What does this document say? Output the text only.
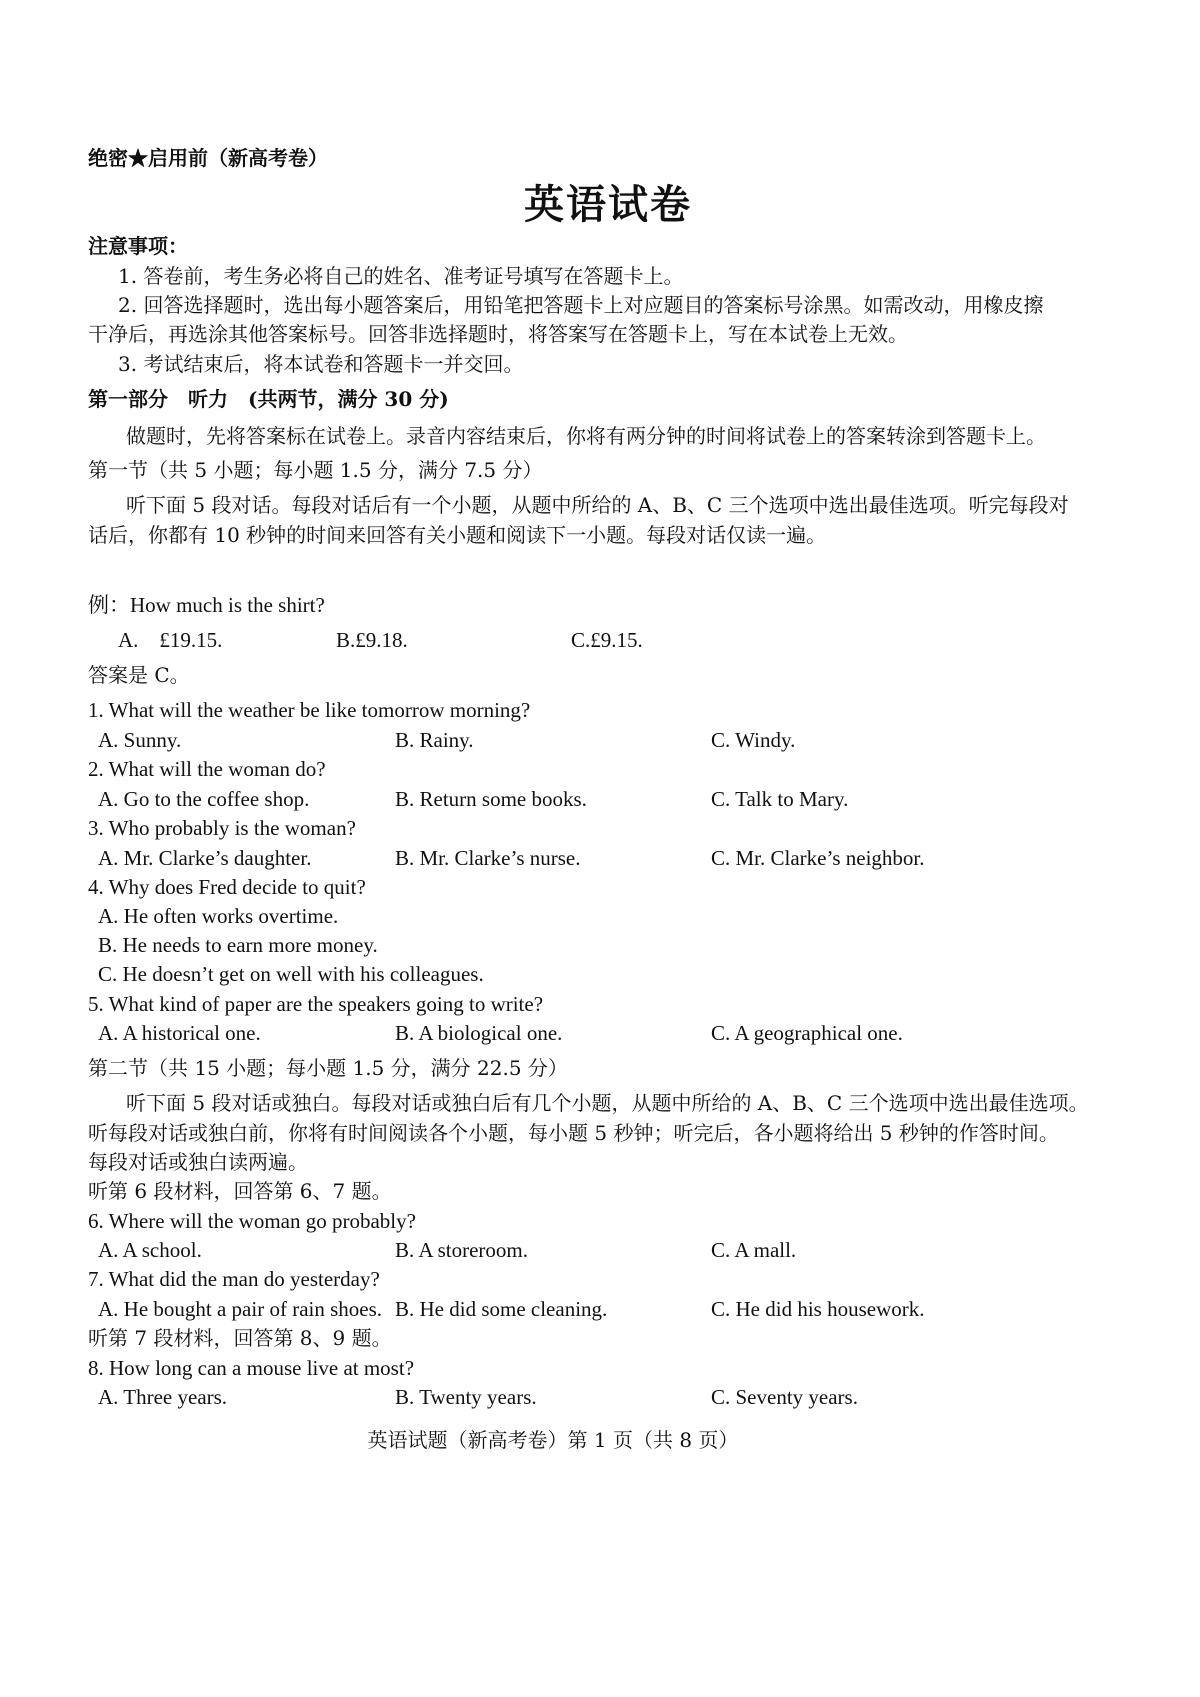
绝密★启用前（新高考卷）
英语试卷
注意事项：
1. 答卷前，考生务必将自己的姓名、准考证号填写在答题卡上。
2. 回答选择题时，选出每小题答案后，用铅笔把答题卡上对应题目的答案标号涂黑。如需改动，用橡皮擦
干净后，再选涂其他答案标号。回答非选择题时，将答案写在答题卡上，写在本试卷上无效。
3. 考试结束后，将本试卷和答题卡一并交回。
第一部分　听力　(共两节，满分 30 分)
做题时，先将答案标在试卷上。录音内容结束后，你将有两分钟的时间将试卷上的答案转涂到答题卡上。
第一节（共 5 小题；每小题 1.5 分，满分 7.5 分）
听下面 5 段对话。每段对话后有一个小题，从题中所给的 A、B、C 三个选项中选出最佳选项。听完每段对
话后，你都有 10 秒钟的时间来回答有关小题和阅读下一小题。每段对话仅读一遍。
例：How much is the shirt?
A.　£19.15.	B.£9.18.	C.£9.15.
答案是 C。
1. What will the weather be like tomorrow morning?
A. Sunny.	B. Rainy.	C. Windy.
2. What will the woman do?
A. Go to the coffee shop.	B. Return some books.	C. Talk to Mary.
3. Who probably is the woman?
A. Mr. Clarke’s daughter.	B. Mr. Clarke’s nurse.	C. Mr. Clarke’s neighbor.
4. Why does Fred decide to quit?
A. He often works overtime.
B. He needs to earn more money.
C. He doesn’t get on well with his colleagues.
5. What kind of paper are the speakers going to write?
A. A historical one.	B. A biological one.	C. A geographical one.
第二节（共 15 小题；每小题 1.5 分，满分 22.5 分）
听下面 5 段对话或独白。每段对话或独白后有几个小题，从题中所给的 A、B、C 三个选项中选出最佳选项。
听每段对话或独白前，你将有时间阅读各个小题，每小题 5 秒钟；听完后，各小题将给出 5 秒钟的作答时间。
每段对话或独白读两遍。
听第 6 段材料，回答第 6、7 题。
6. Where will the woman go probably?
A. A school.	B. A storeroom.	C. A mall.
7. What did the man do yesterday?
A. He bought a pair of rain shoes. B. He did some cleaning.	C. He did his housework.
听第 7 段材料，回答第 8、9 题。
8. How long can a mouse live at most?
A. Three years.	B. Twenty years.	C. Seventy years.
英语试题（新高考卷）第 1 页（共 8 页）
